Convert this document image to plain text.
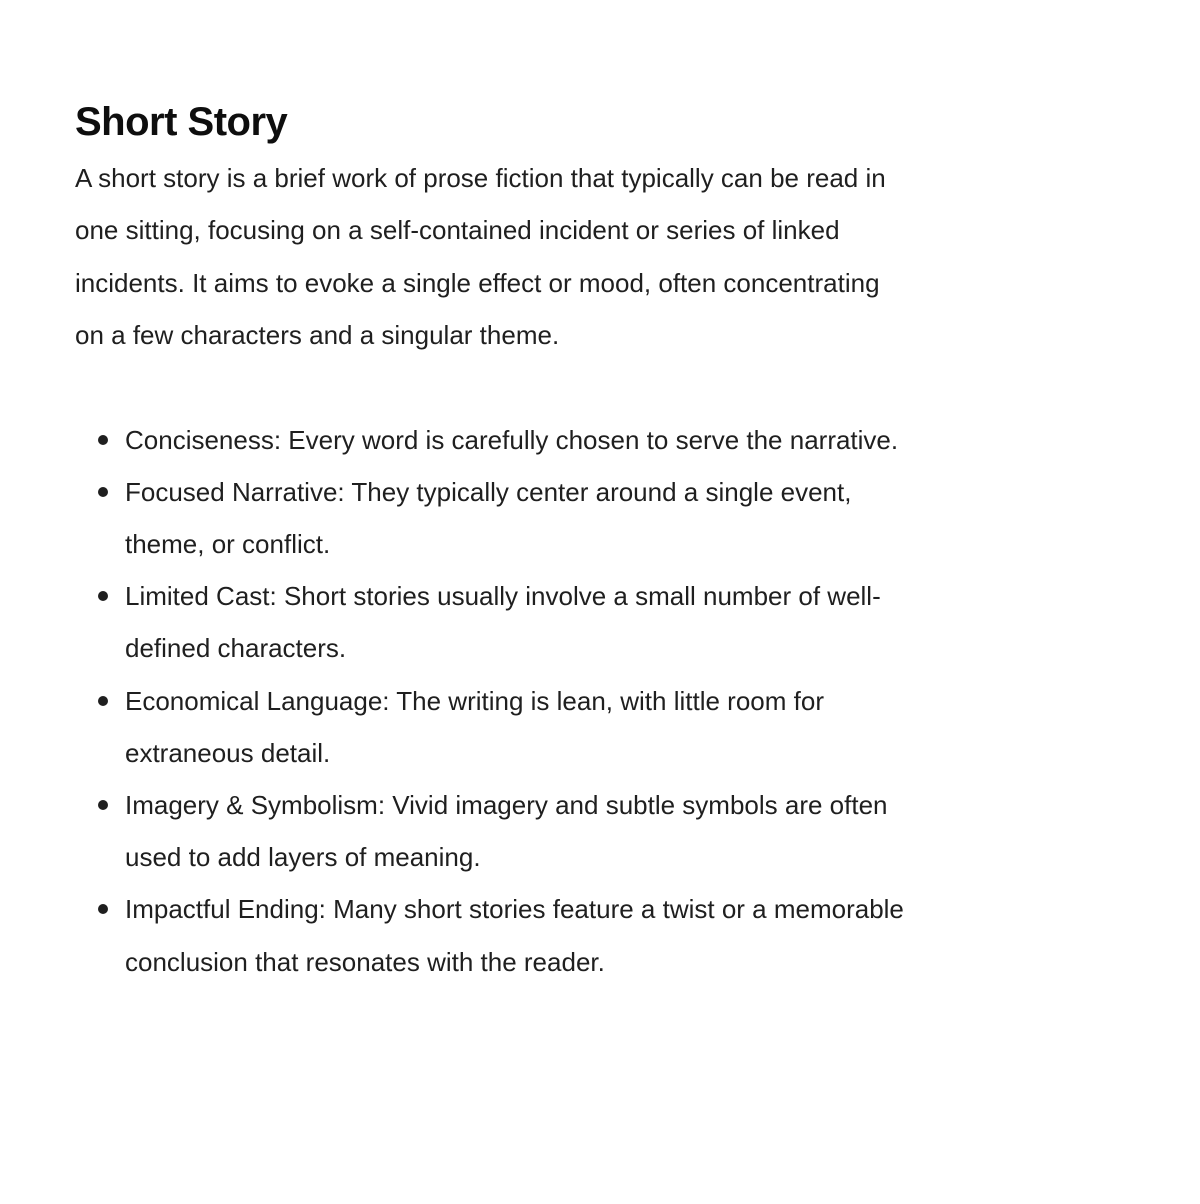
Short Story

A short story is a brief work of prose fiction that typically can be read in one sitting, focusing on a self-contained incident or series of linked incidents. It aims to evoke a single effect or mood, often concentrating on a few characters and a singular theme.

Conciseness: Every word is carefully chosen to serve the narrative.
Focused Narrative: They typically center around a single event, theme, or conflict.
Limited Cast: Short stories usually involve a small number of well-defined characters.
Economical Language: The writing is lean, with little room for extraneous detail.
Imagery & Symbolism: Vivid imagery and subtle symbols are often used to add layers of meaning.
Impactful Ending: Many short stories feature a twist or a memorable conclusion that resonates with the reader.
